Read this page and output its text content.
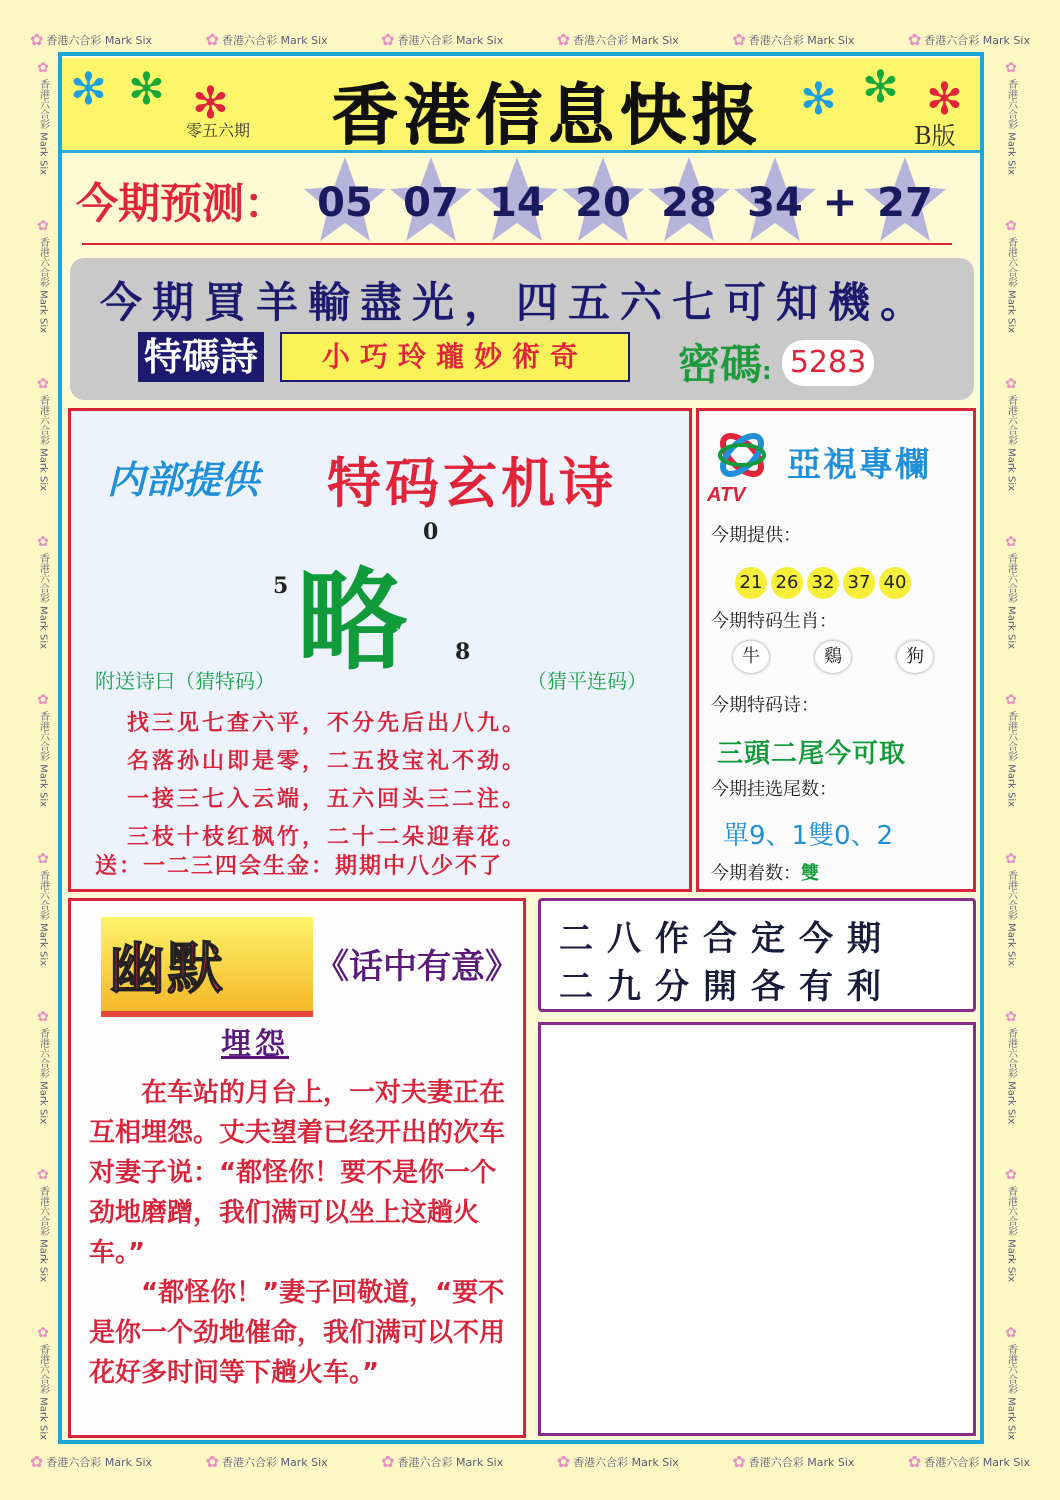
✿ 香港六合彩 Mark Six	✿ 香港六合彩 Mark Six	✿ 香港六合彩 Mark Six	✿ 香港六合彩 Mark Six	✿ 香港六合彩 Mark Six	✿ 香港六合彩 Mark Six
✿ 香港六合彩 Mark Six	✿ 香港六合彩 Mark Six	✿ 香港六合彩 Mark Six	✿ 香港六合彩 Mark Six	✿ 香港六合彩 Mark Six	✿ 香港六合彩 Mark Six
✿
香港六合彩 Mark Six
✿
香港六合彩 Mark Six
✿
香港六合彩 Mark Six
✿
香港六合彩 Mark Six
✿
香港六合彩 Mark Six
✿
香港六合彩 Mark Six
✿
香港六合彩 Mark Six
✿
香港六合彩 Mark Six
✿
香港六合彩 Mark Six
✿
香港六合彩 Mark Six
✿
香港六合彩 Mark Six
✿
香港六合彩 Mark Six
✿
香港六合彩 Mark Six
✿
香港六合彩 Mark Six
✿
香港六合彩 Mark Six
✿
香港六合彩 Mark Six
✿
香港六合彩 Mark Six
✿
香港六合彩 Mark Six
✻ ✻ ✻ 香港信息快报
零五六期	B版
✻ ✻ ✻
今期预测： 05 07 14 20 28 34 + 27
今期買羊輸盡光，四五六七可知機。
特碼詩	小巧玲瓏妙術奇	密碼: 5283
内部提供 特码玄机诗
略
0
5
8
附送诗曰（猜特码）	（猜平连码）
找三见七查六平，不分先后出八九。
名落孙山即是零，二五投宝礼不劲。
一接三七入云端，五六回头三二注。
三枝十枝红枫竹，二十二朵迎春花。
送：一二三四会生金：期期中八少不了
ATV
亞視專欄
今期提供：
21 26 32 37 40
今期特码生肖：
牛	鷄	狗
今期特码诗：
三頭二尾今可取
今期挂选尾数：
單9、1雙0、2
今期着数：雙
幽默	《话中有意》
埋怨

在车站的月台上，一对夫妻正在互相埋怨。丈夫望着已经开出的次车对妻子说：“都怪你！要不是你一个劲地磨蹭，我们满可以坐上这趟火车。”

“都怪你！”妻子回敬道，“要不是你一个劲地催命，我们满可以不用花好多时间等下趟火车。”

二八作合定今期
二九分開各有利
